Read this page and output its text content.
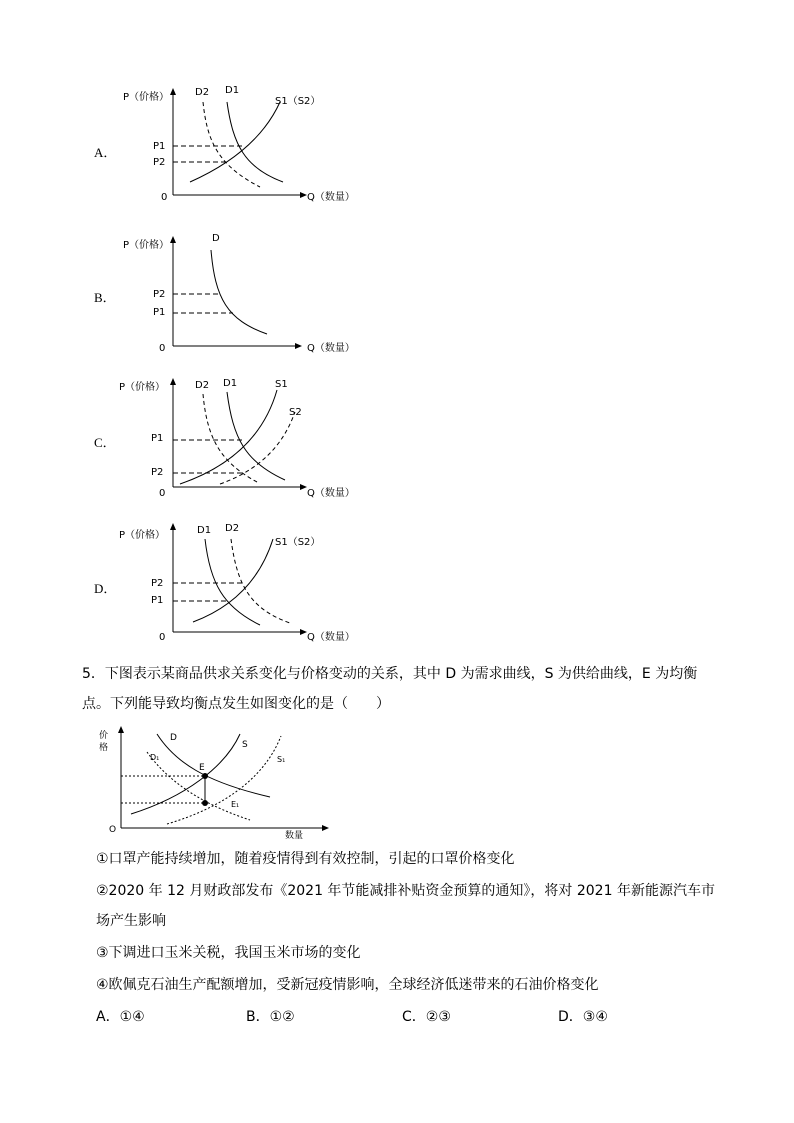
A．
P（价格）	D2 D1
S1（S2）
0	Q（数量）
P1
P2
B．
P（价格）
D
0	Q（数量）
P2
P1
C．
P（价格）	D2 D1	S1
S2
0	Q（数量）
P1
P2
D．
P（价格）	D1 D2
S1（S2）
0	Q（数量）
P2
P1
5．下图表示某商品供求关系变化与价格变动的关系，其中 D 为需求曲线，S 为供给曲线，E 为均衡
点。下列能导致均衡点发生如图变化的是（　　）
价
格
O
数量
D
S
D₁	S₁
E
E₁
①口罩产能持续增加，随着疫情得到有效控制，引起的口罩价格变化
②2020 年 12 月财政部发布《2021 年节能减排补贴资金预算的通知》，将对 2021 年新能源汽车市
场产生影响
③下调进口玉米关税，我国玉米市场的变化
④欧佩克石油生产配额增加，受新冠疫情影响，全球经济低迷带来的石油价格变化
A．①④	B．①②	C．②③	D．③④
